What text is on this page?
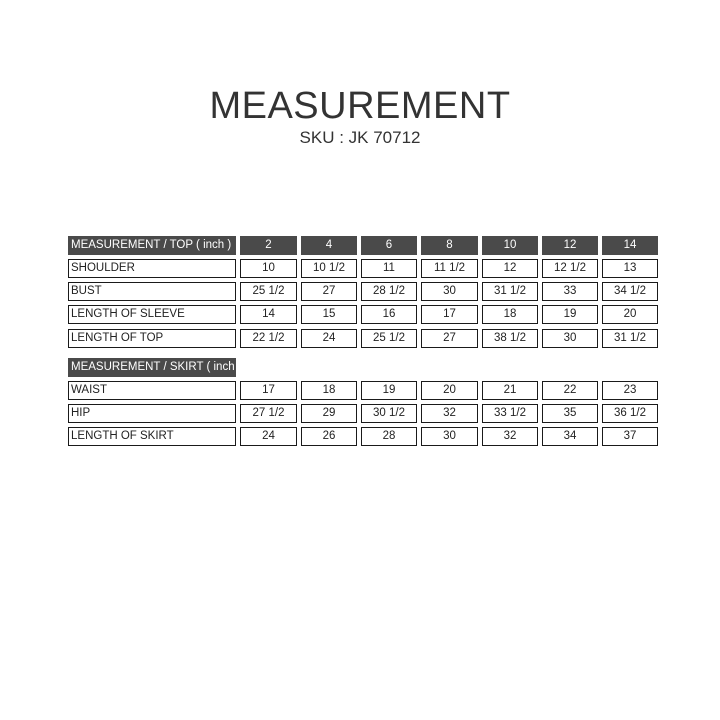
MEASUREMENT
SKU : JK 70712
MEASUREMENT / TOP ( inch )	2	4	6	8	10	12	14
SHOULDER	10	10 1/2	11	11 1/2	12	12 1/2	13
BUST	25 1/2	27	28 1/2	30	31 1/2	33	34 1/2
LENGTH OF SLEEVE	14	15	16	17	18	19	20
LENGTH OF TOP	22 1/2	24	25 1/2	27	38 1/2	30	31 1/2
MEASUREMENT / SKIRT ( inch
WAIST	17	18	19	20	21	22	23
HIP	27 1/2	29	30 1/2	32	33 1/2	35	36 1/2
LENGTH OF SKIRT	24	26	28	30	32	34	37
